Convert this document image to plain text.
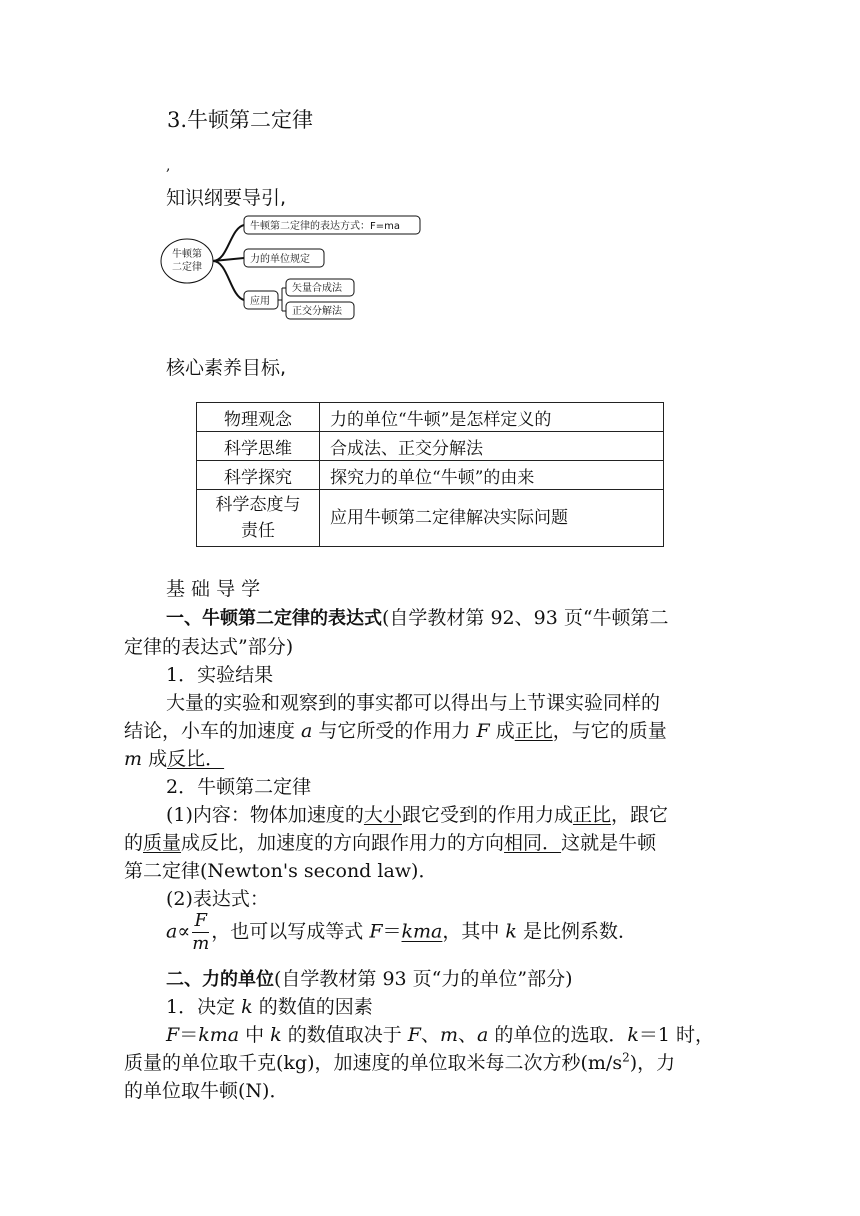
3.牛顿第二定律
,
知识纲要导引,
牛顿第
二定律
牛顿第二定律的表达方式：F=ma
力的单位规定
应用
矢量合成法
正交分解法
核心素养目标,
物理观念	力的单位“牛顿”是怎样定义的
科学思维	合成法、正交分解法
科学探究	探究力的单位“牛顿”的由来
科学态度与
责任	应用牛顿第二定律解决实际问题
基 础 导 学
一、牛顿第二定律的表达式(自学教材第 92、93 页“牛顿第二
定律的表达式”部分)
1．实验结果
大量的实验和观察到的事实都可以得出与上节课实验同样的
结论，小车的加速度 a 与它所受的作用力 F 成正比，与它的质量
m 成反比．
2．牛顿第二定律
(1)内容：物体加速度的大小跟它受到的作用力成正比，跟它
的质量成反比，加速度的方向跟作用力的方向相同．这就是牛顿
第二定律(Newton's second law)．
(2)表达式：
$a\propto \frac{F}{m}$ ，也可以写成等式 F＝kma，其中 k 是比例系数．
二、力的单位(自学教材第 93 页“力的单位”部分)
1．决定 k 的数值的因素
F＝kma 中 k 的数值取决于 F、m、a 的单位的选取．k＝1 时，
质量的单位取千克(kg)，加速度的单位取米每二次方秒$(m/s^2)$，力
的单位取牛顿(N)．
